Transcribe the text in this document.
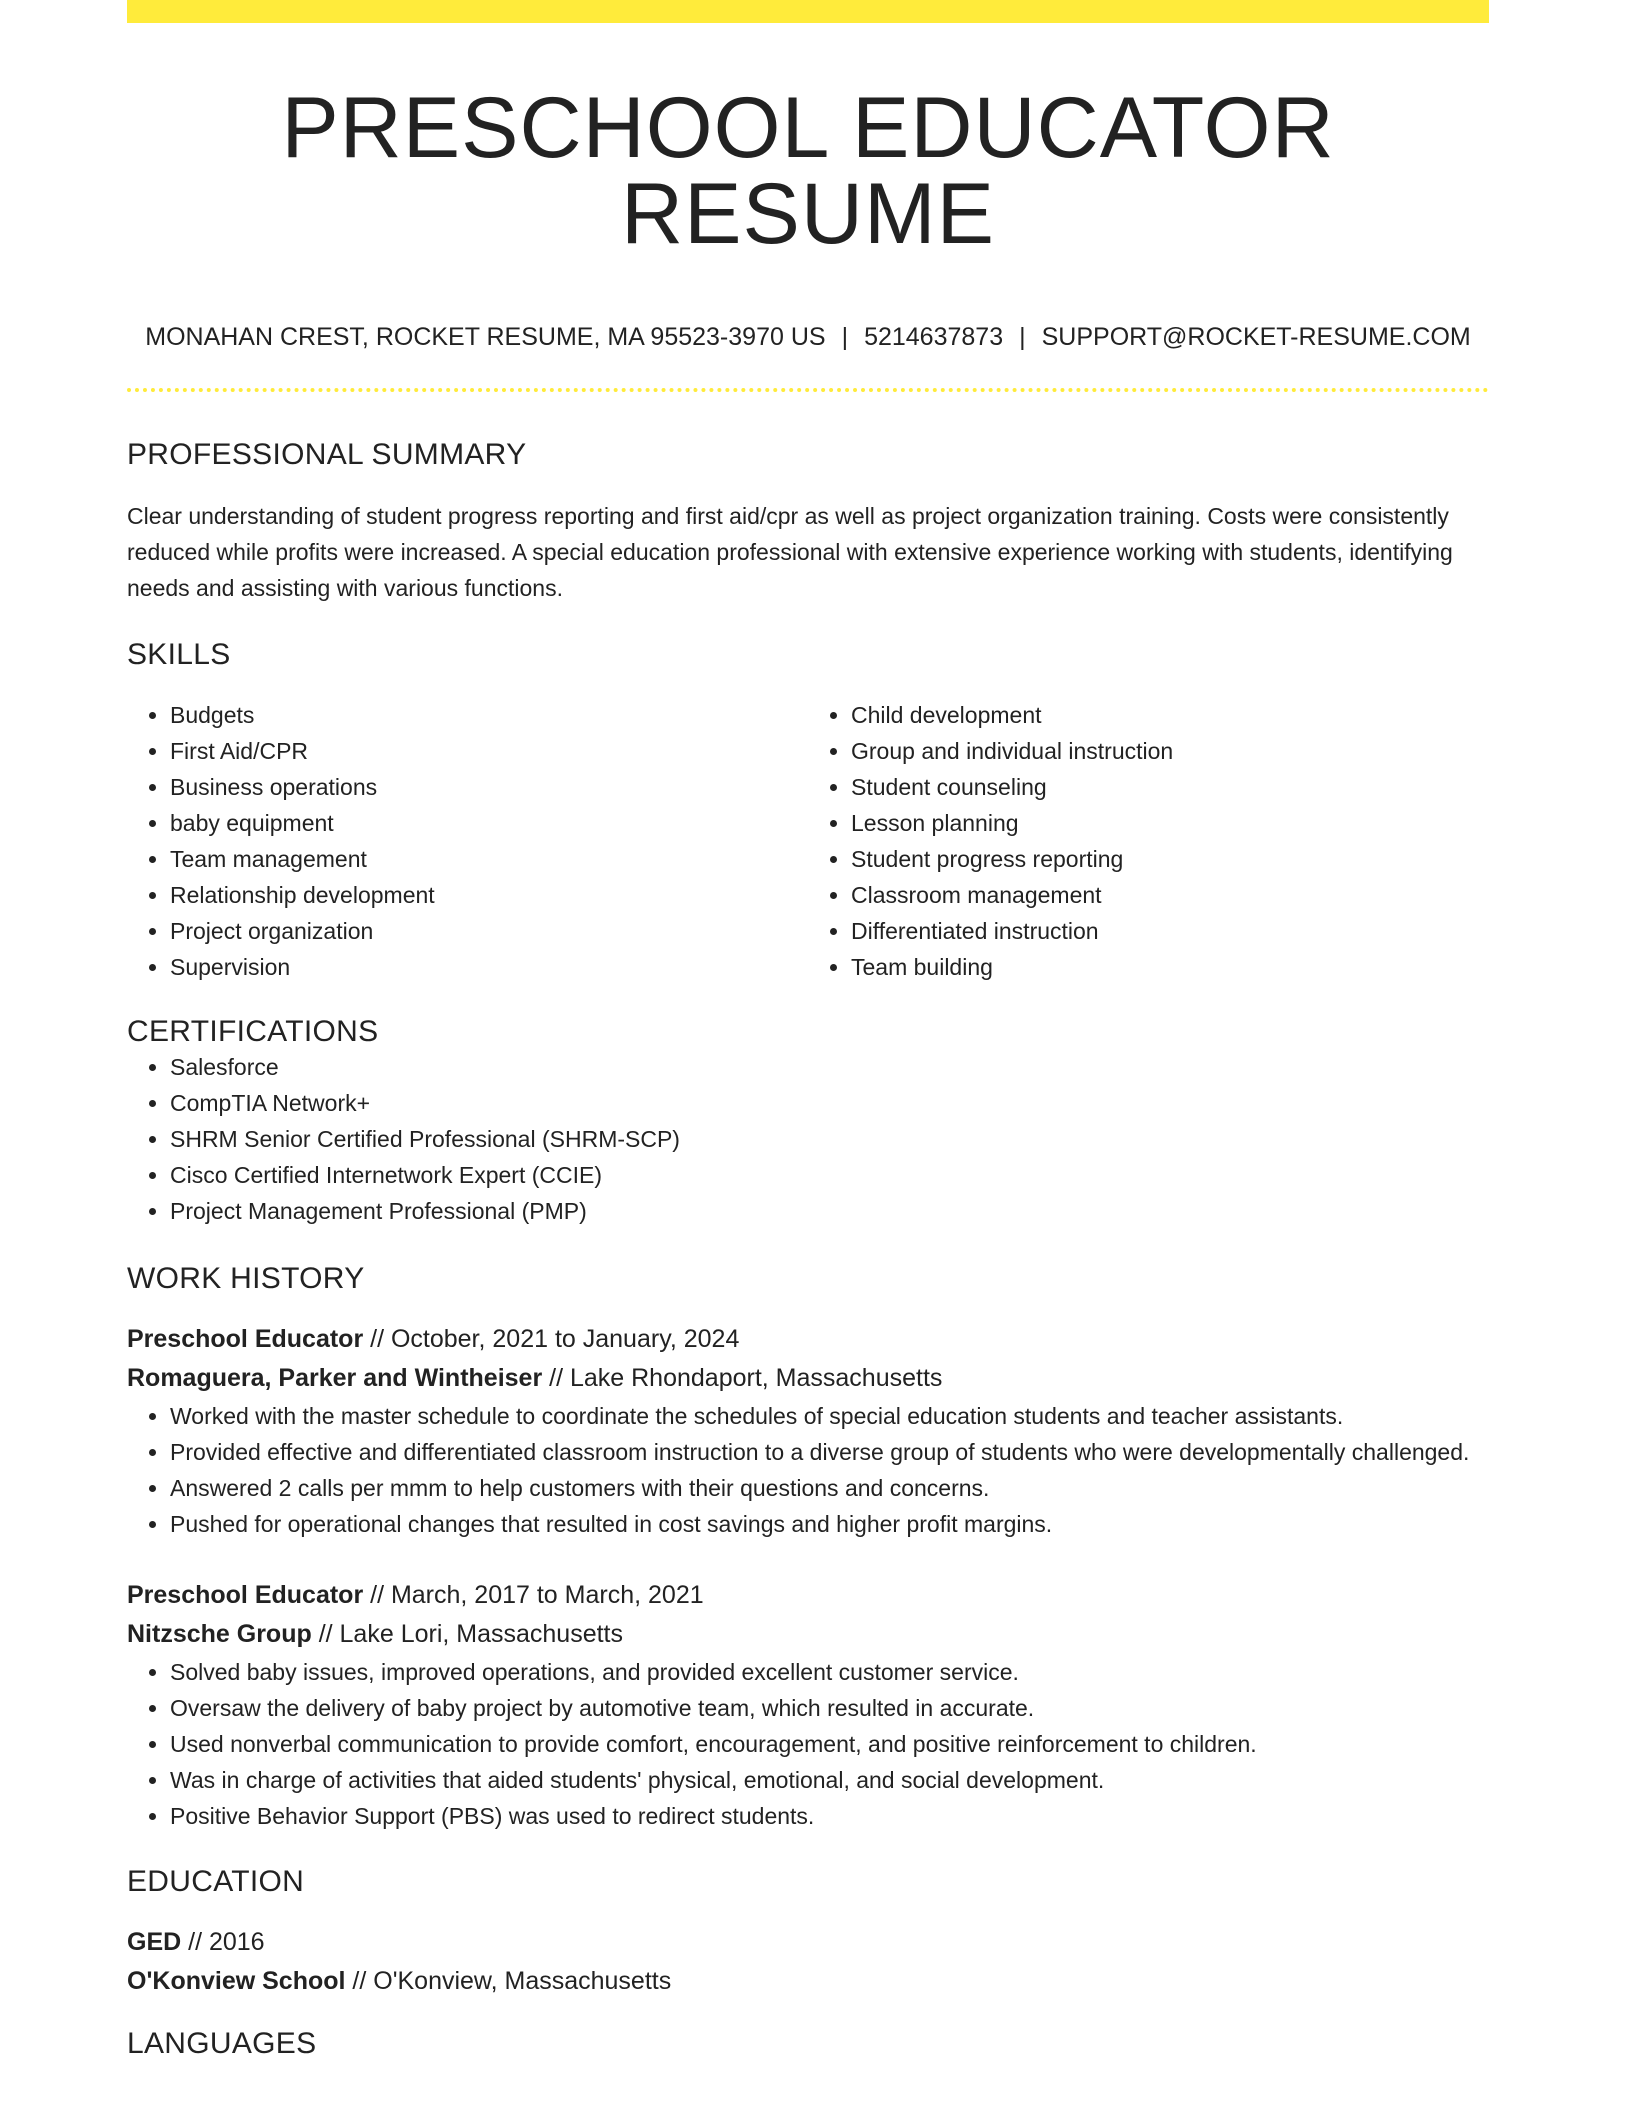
PRESCHOOL EDUCATOR RESUME
MONAHAN CREST, ROCKET RESUME, MA 95523-3970 US | 5214637873 | SUPPORT@ROCKET-RESUME.COM
PROFESSIONAL SUMMARY
Clear understanding of student progress reporting and first aid/cpr as well as project organization training. Costs were consistently reduced while profits were increased. A special education professional with extensive experience working with students, identifying needs and assisting with various functions.
SKILLS
• Budgets
• First Aid/CPR
• Business operations
• baby equipment
• Team management
• Relationship development
• Project organization
• Supervision
• Child development
• Group and individual instruction
• Student counseling
• Lesson planning
• Student progress reporting
• Classroom management
• Differentiated instruction
• Team building
CERTIFICATIONS
• Salesforce
• CompTIA Network+
• SHRM Senior Certified Professional (SHRM-SCP)
• Cisco Certified Internetwork Expert (CCIE)
• Project Management Professional (PMP)
WORK HISTORY
Preschool Educator // October, 2021 to January, 2024
Romaguera, Parker and Wintheiser // Lake Rhondaport, Massachusetts
• Worked with the master schedule to coordinate the schedules of special education students and teacher assistants.
• Provided effective and differentiated classroom instruction to a diverse group of students who were developmentally challenged.
• Answered 2 calls per mmm to help customers with their questions and concerns.
• Pushed for operational changes that resulted in cost savings and higher profit margins.
Preschool Educator // March, 2017 to March, 2021
Nitzsche Group // Lake Lori, Massachusetts
• Solved baby issues, improved operations, and provided excellent customer service.
• Oversaw the delivery of baby project by automotive team, which resulted in accurate.
• Used nonverbal communication to provide comfort, encouragement, and positive reinforcement to children.
• Was in charge of activities that aided students' physical, emotional, and social development.
• Positive Behavior Support (PBS) was used to redirect students.
EDUCATION
GED // 2016
O'Konview School // O'Konview, Massachusetts
LANGUAGES
